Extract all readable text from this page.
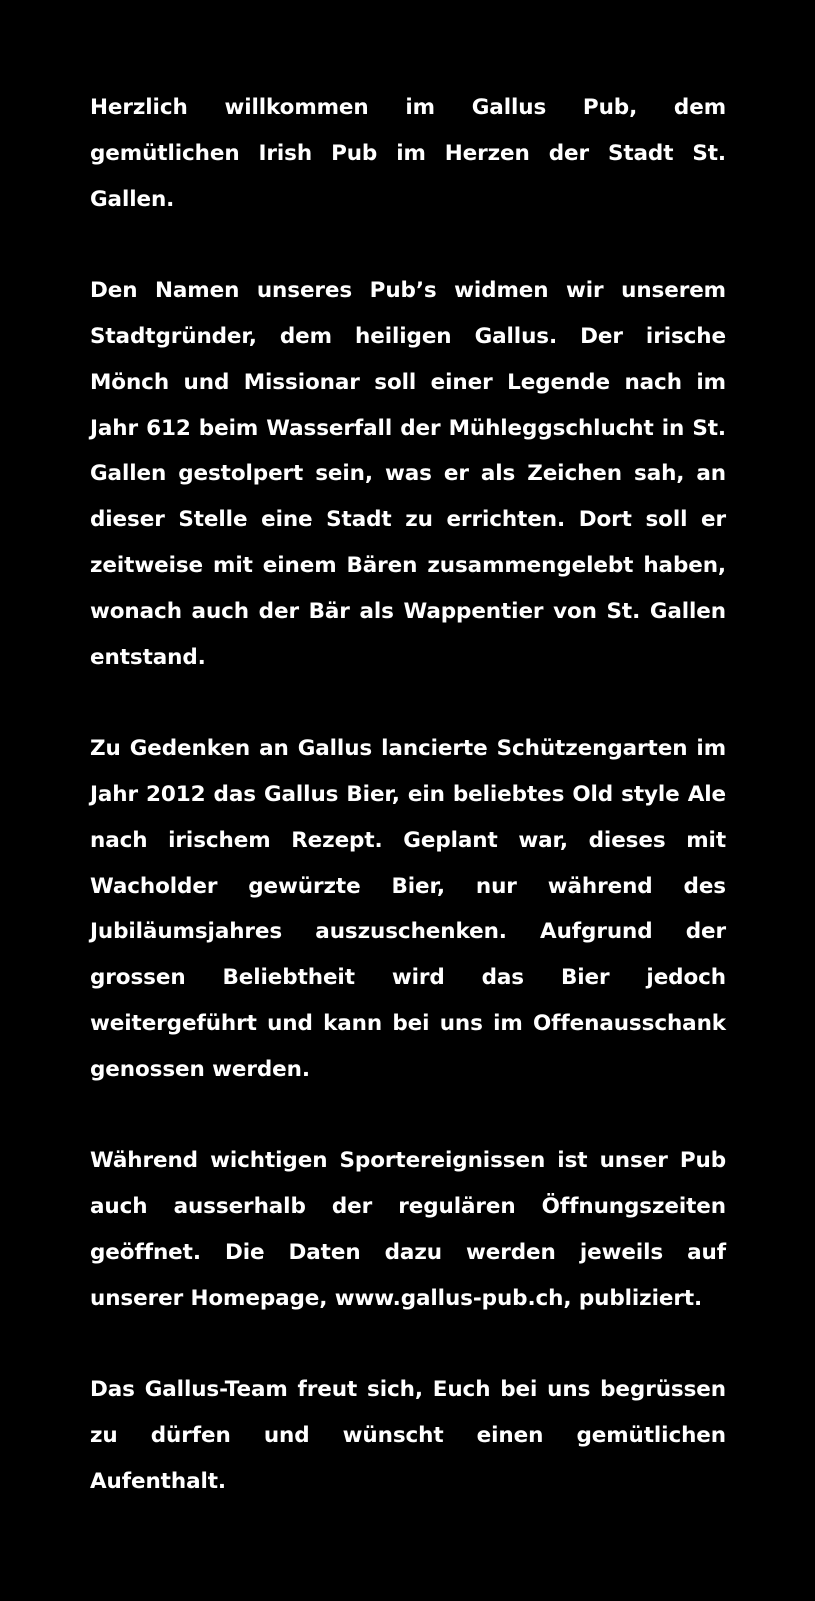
Herzlich willkommen im Gallus Pub, dem gemütlichen Irish Pub im Herzen der Stadt St. Gallen.

Den Namen unseres Pub’s widmen wir unserem Stadtgründer, dem heiligen Gallus. Der irische Mönch und Missionar soll einer Legende nach im Jahr 612 beim Wasserfall der Mühleggschlucht in St. Gallen gestolpert sein, was er als Zeichen sah, an dieser Stelle eine Stadt zu errichten. Dort soll er zeitweise mit einem Bären zusammengelebt haben, wonach auch der Bär als Wappentier von St. Gallen entstand.

Zu Gedenken an Gallus lancierte Schützengarten im Jahr 2012 das Gallus Bier, ein beliebtes Old style Ale nach irischem Rezept. Geplant war, dieses mit Wacholder gewürzte Bier, nur während des Jubiläumsjahres auszuschenken. Aufgrund der grossen Beliebtheit wird das Bier jedoch weitergeführt und kann bei uns im Offenausschank genossen werden.

Während wichtigen Sportereignissen ist unser Pub auch ausserhalb der regulären Öffnungszeiten geöffnet. Die Daten dazu werden jeweils auf unserer Homepage, www.gallus-pub.ch, publiziert.

Das Gallus-Team freut sich, Euch bei uns begrüssen zu dürfen und wünscht einen gemütlichen Aufenthalt.
